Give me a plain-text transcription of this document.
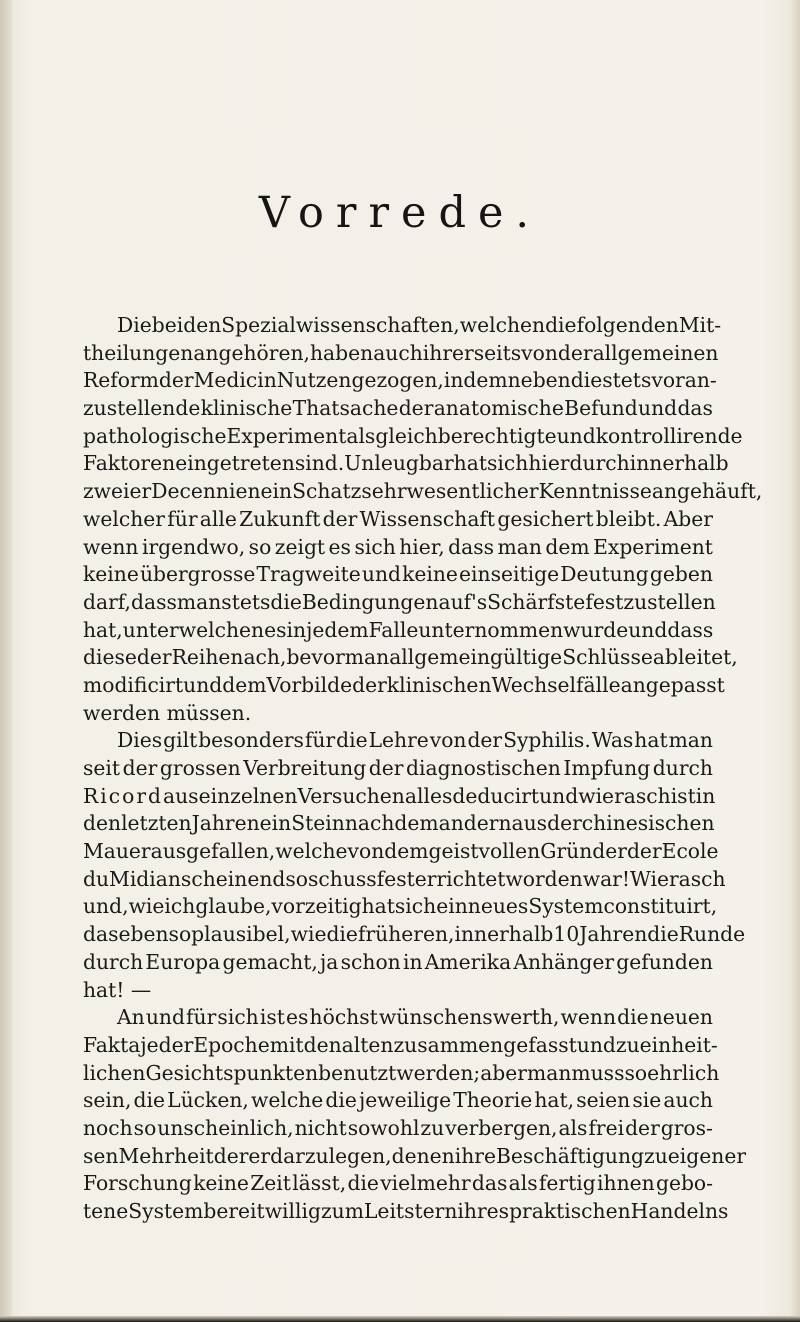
Vorrede.
Die beiden Spezialwissenschaften, welchen die folgenden Mit-
theilungen angehören, haben auch ihrerseits von der allgemeinen
Reform der Medicin Nutzen gezogen, indem neben die stets voran-
zustellende klinische Thatsache der anatomische Befund und das
pathologische Experiment als gleichberechtigte und kontrollirende
Faktoren eingetreten sind. Unleugbar hat sich hierdurch innerhalb
zweier Decennien ein Schatz sehr wesentlicher Kenntnisse angehäuft,
welcher für alle Zukunft der Wissenschaft gesichert bleibt. Aber
wenn irgendwo, so zeigt es sich hier, dass man dem Experiment
keine übergrosse Tragweite und keine einseitige Deutung geben
darf, dass man stets die Bedingungen auf's Schärfste festzustellen
hat, unter welchen es in jedem Falle unternommen wurde und dass
diese der Reihe nach, bevor man allgemein gültige Schlüsse ableitet,
modificirt und dem Vorbilde der klinischen Wechselfälle angepasst
werden müssen.
Dies gilt besonders für die Lehre von der Syphilis. Was hat man
seit der grossen Verbreitung der diagnostischen Impfung durch
Ricord aus einzelnen Versuchen alles deducirt und wie rasch ist in
den letzten Jahren ein Stein nach dem andern aus der chinesischen
Mauer ausgefallen, welche von dem geistvollen Gründer der Ecole
du Midi anscheinend so schussfest errichtet worden war! Wie rasch
und, wie ich glaube, vorzeitig hat sich ein neues System constituirt,
das ebenso plausibel, wie die früheren, innerhalb 10 Jahren die Runde
durch Europa gemacht, ja schon in Amerika Anhänger gefunden
hat! —
An und für sich ist es höchst wünschenswerth, wenn die neuen
Fakta jeder Epoche mit den alten zusammengefasst und zu einheit-
lichen Gesichtspunkten benutzt werden; aber man muss so ehrlich
sein, die Lücken, welche die jeweilige Theorie hat, seien sie auch
noch so unscheinlich, nicht sowohl zu verbergen, als frei der gros-
sen Mehrheit derer darzulegen, denen ihre Beschäftigung zu eigener
Forschung keine Zeit lässt, die vielmehr das als fertig ihnen gebo-
tene System bereitwillig zum Leitstern ihres praktischen Handelns
